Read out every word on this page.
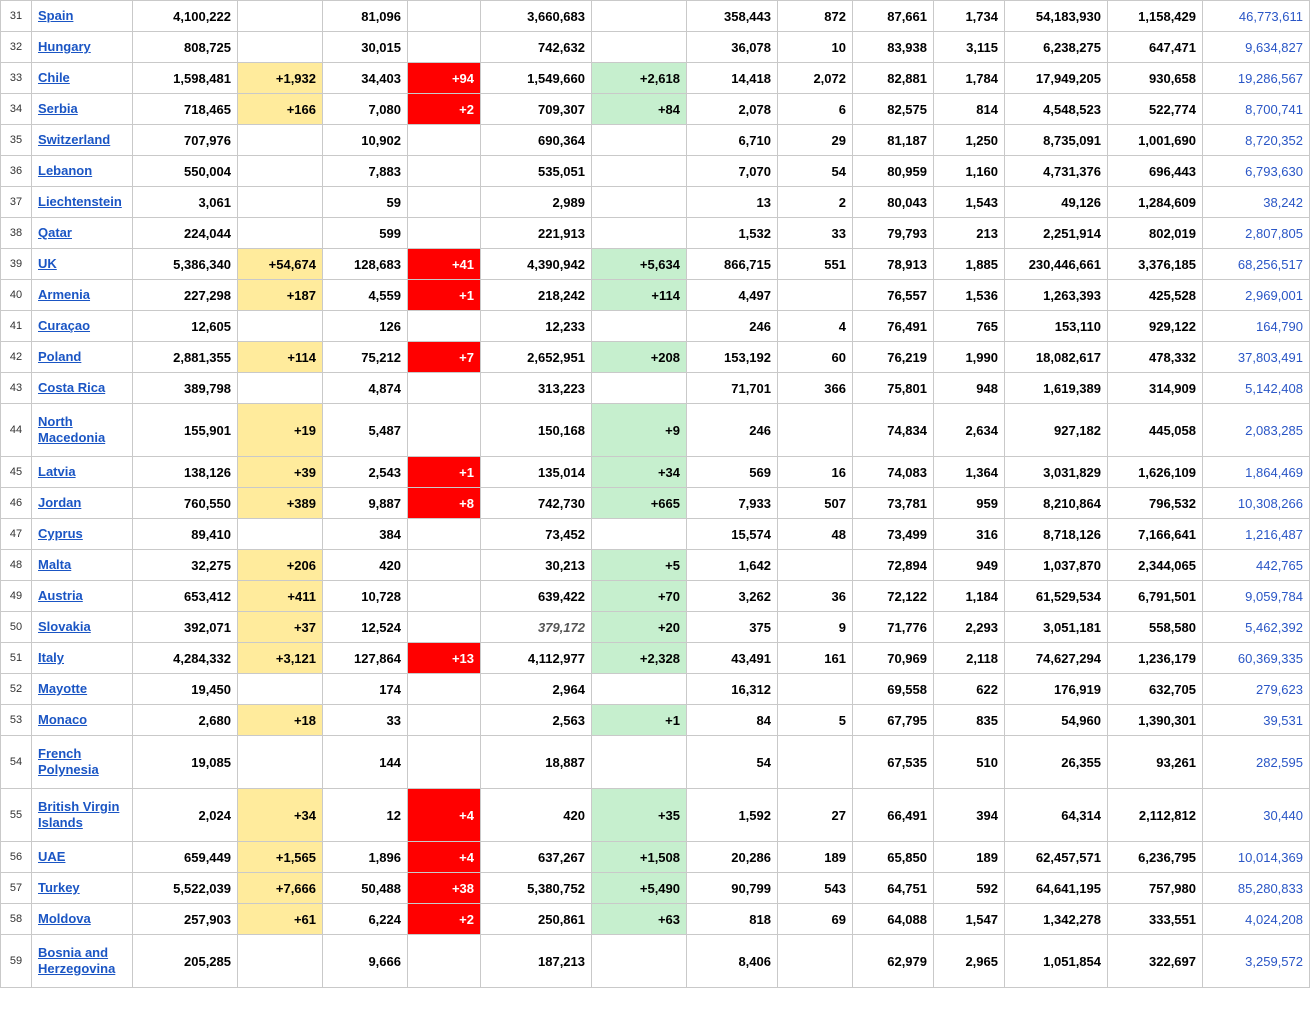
31	Spain	4,100,222		81,096		3,660,683		358,443	872	87,661	1,734	54,183,930	1,158,429	46,773,611
32	Hungary	808,725		30,015		742,632		36,078	10	83,938	3,115	6,238,275	647,471	9,634,827
33	Chile	1,598,481	+1,932	34,403	+94	1,549,660	+2,618	14,418	2,072	82,881	1,784	17,949,205	930,658	19,286,567
34	Serbia	718,465	+166	7,080	+2	709,307	+84	2,078	6	82,575	814	4,548,523	522,774	8,700,741
35	Switzerland	707,976		10,902		690,364		6,710	29	81,187	1,250	8,735,091	1,001,690	8,720,352
36	Lebanon	550,004		7,883		535,051		7,070	54	80,959	1,160	4,731,376	696,443	6,793,630
37	Liechtenstein	3,061		59		2,989		13	2	80,043	1,543	49,126	1,284,609	38,242
38	Qatar	224,044		599		221,913		1,532	33	79,793	213	2,251,914	802,019	2,807,805
39	UK	5,386,340	+54,674	128,683	+41	4,390,942	+5,634	866,715	551	78,913	1,885	230,446,661	3,376,185	68,256,517
40	Armenia	227,298	+187	4,559	+1	218,242	+114	4,497		76,557	1,536	1,263,393	425,528	2,969,001
41	Curaçao	12,605		126		12,233		246	4	76,491	765	153,110	929,122	164,790
42	Poland	2,881,355	+114	75,212	+7	2,652,951	+208	153,192	60	76,219	1,990	18,082,617	478,332	37,803,491
43	Costa Rica	389,798		4,874		313,223		71,701	366	75,801	948	1,619,389	314,909	5,142,408
44	North Macedonia	155,901	+19	5,487		150,168	+9	246		74,834	2,634	927,182	445,058	2,083,285
45	Latvia	138,126	+39	2,543	+1	135,014	+34	569	16	74,083	1,364	3,031,829	1,626,109	1,864,469
46	Jordan	760,550	+389	9,887	+8	742,730	+665	7,933	507	73,781	959	8,210,864	796,532	10,308,266
47	Cyprus	89,410		384		73,452		15,574	48	73,499	316	8,718,126	7,166,641	1,216,487
48	Malta	32,275	+206	420		30,213	+5	1,642		72,894	949	1,037,870	2,344,065	442,765
49	Austria	653,412	+411	10,728		639,422	+70	3,262	36	72,122	1,184	61,529,534	6,791,501	9,059,784
50	Slovakia	392,071	+37	12,524		379,172	+20	375	9	71,776	2,293	3,051,181	558,580	5,462,392
51	Italy	4,284,332	+3,121	127,864	+13	4,112,977	+2,328	43,491	161	70,969	2,118	74,627,294	1,236,179	60,369,335
52	Mayotte	19,450		174		2,964		16,312		69,558	622	176,919	632,705	279,623
53	Monaco	2,680	+18	33		2,563	+1	84	5	67,795	835	54,960	1,390,301	39,531
54	French Polynesia	19,085		144		18,887		54		67,535	510	26,355	93,261	282,595
55	British Virgin Islands	2,024	+34	12	+4	420	+35	1,592	27	66,491	394	64,314	2,112,812	30,440
56	UAE	659,449	+1,565	1,896	+4	637,267	+1,508	20,286	189	65,850	189	62,457,571	6,236,795	10,014,369
57	Turkey	5,522,039	+7,666	50,488	+38	5,380,752	+5,490	90,799	543	64,751	592	64,641,195	757,980	85,280,833
58	Moldova	257,903	+61	6,224	+2	250,861	+63	818	69	64,088	1,547	1,342,278	333,551	4,024,208
59	Bosnia and Herzegovina	205,285		9,666		187,213		8,406		62,979	2,965	1,051,854	322,697	3,259,572
